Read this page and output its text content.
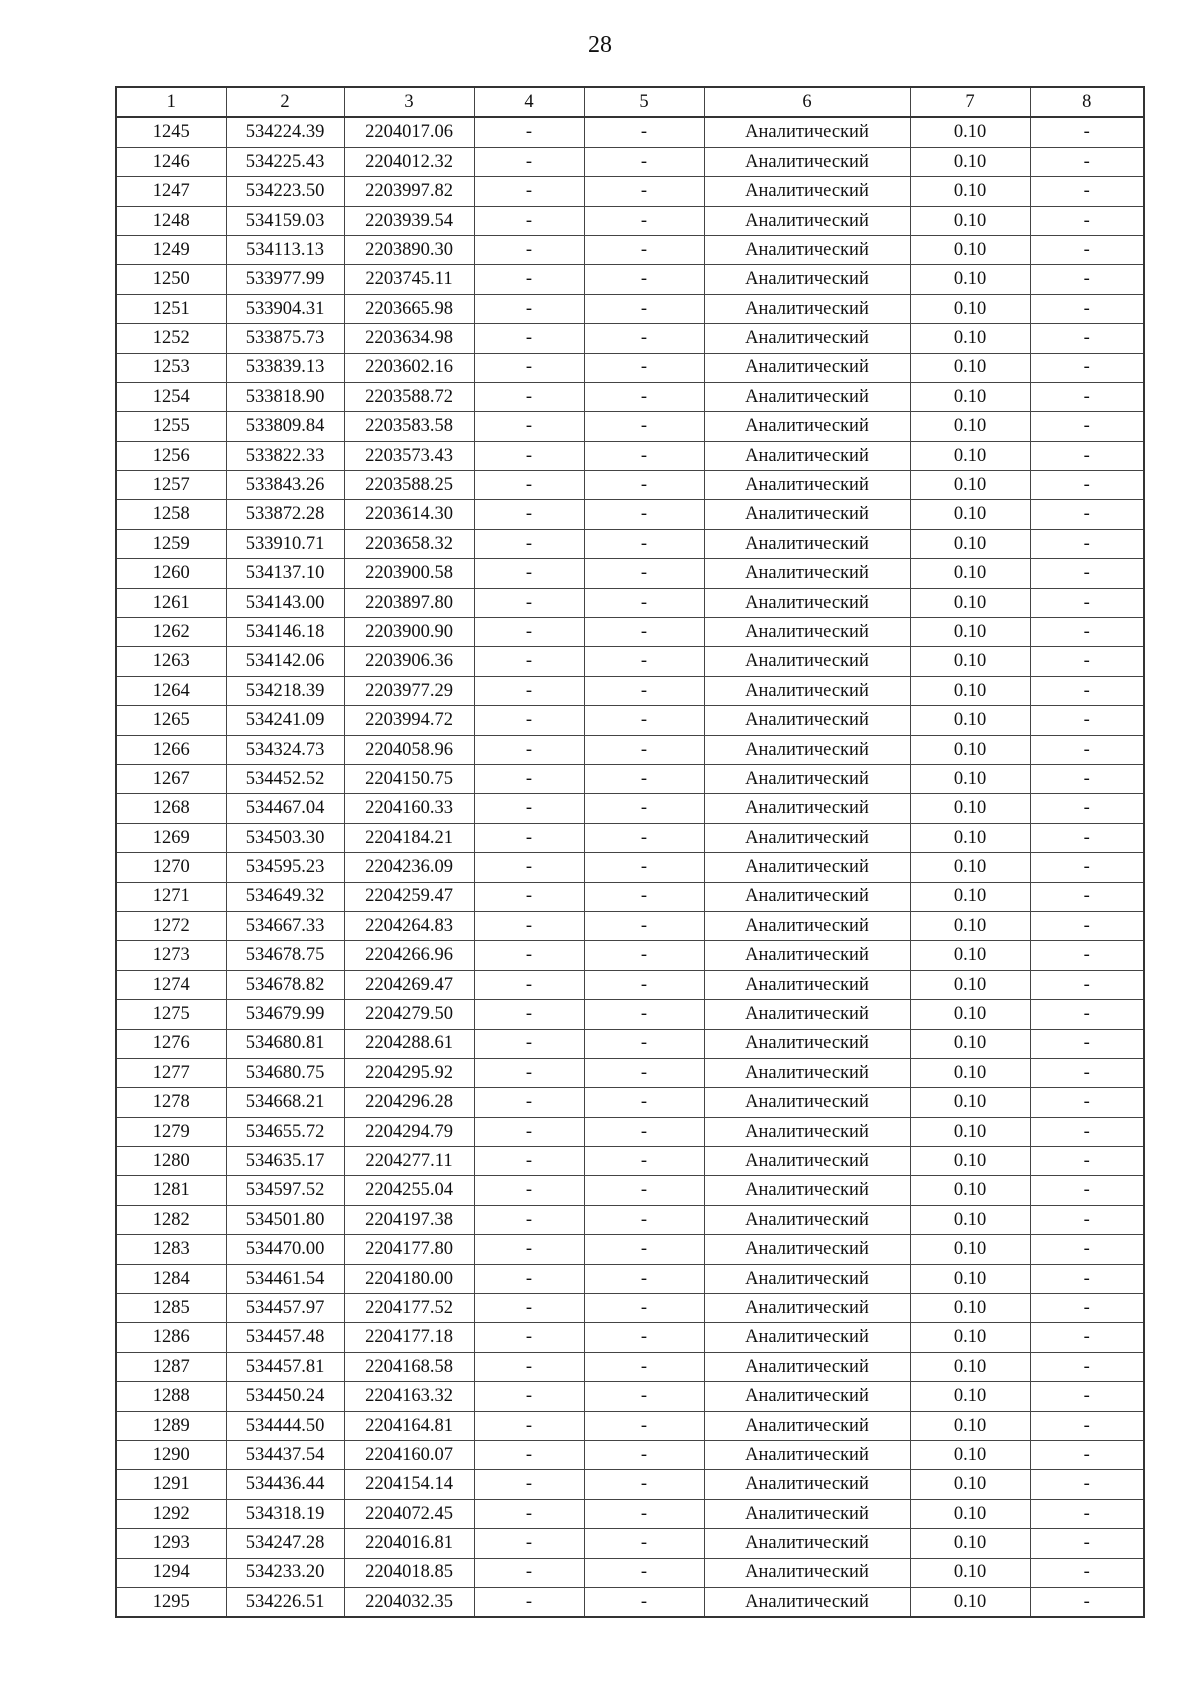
28
1	2	3	4	5	6	7	8
1245	534224.39	2204017.06	-	-	Аналитический	0.10	-
1246	534225.43	2204012.32	-	-	Аналитический	0.10	-
1247	534223.50	2203997.82	-	-	Аналитический	0.10	-
1248	534159.03	2203939.54	-	-	Аналитический	0.10	-
1249	534113.13	2203890.30	-	-	Аналитический	0.10	-
1250	533977.99	2203745.11	-	-	Аналитический	0.10	-
1251	533904.31	2203665.98	-	-	Аналитический	0.10	-
1252	533875.73	2203634.98	-	-	Аналитический	0.10	-
1253	533839.13	2203602.16	-	-	Аналитический	0.10	-
1254	533818.90	2203588.72	-	-	Аналитический	0.10	-
1255	533809.84	2203583.58	-	-	Аналитический	0.10	-
1256	533822.33	2203573.43	-	-	Аналитический	0.10	-
1257	533843.26	2203588.25	-	-	Аналитический	0.10	-
1258	533872.28	2203614.30	-	-	Аналитический	0.10	-
1259	533910.71	2203658.32	-	-	Аналитический	0.10	-
1260	534137.10	2203900.58	-	-	Аналитический	0.10	-
1261	534143.00	2203897.80	-	-	Аналитический	0.10	-
1262	534146.18	2203900.90	-	-	Аналитический	0.10	-
1263	534142.06	2203906.36	-	-	Аналитический	0.10	-
1264	534218.39	2203977.29	-	-	Аналитический	0.10	-
1265	534241.09	2203994.72	-	-	Аналитический	0.10	-
1266	534324.73	2204058.96	-	-	Аналитический	0.10	-
1267	534452.52	2204150.75	-	-	Аналитический	0.10	-
1268	534467.04	2204160.33	-	-	Аналитический	0.10	-
1269	534503.30	2204184.21	-	-	Аналитический	0.10	-
1270	534595.23	2204236.09	-	-	Аналитический	0.10	-
1271	534649.32	2204259.47	-	-	Аналитический	0.10	-
1272	534667.33	2204264.83	-	-	Аналитический	0.10	-
1273	534678.75	2204266.96	-	-	Аналитический	0.10	-
1274	534678.82	2204269.47	-	-	Аналитический	0.10	-
1275	534679.99	2204279.50	-	-	Аналитический	0.10	-
1276	534680.81	2204288.61	-	-	Аналитический	0.10	-
1277	534680.75	2204295.92	-	-	Аналитический	0.10	-
1278	534668.21	2204296.28	-	-	Аналитический	0.10	-
1279	534655.72	2204294.79	-	-	Аналитический	0.10	-
1280	534635.17	2204277.11	-	-	Аналитический	0.10	-
1281	534597.52	2204255.04	-	-	Аналитический	0.10	-
1282	534501.80	2204197.38	-	-	Аналитический	0.10	-
1283	534470.00	2204177.80	-	-	Аналитический	0.10	-
1284	534461.54	2204180.00	-	-	Аналитический	0.10	-
1285	534457.97	2204177.52	-	-	Аналитический	0.10	-
1286	534457.48	2204177.18	-	-	Аналитический	0.10	-
1287	534457.81	2204168.58	-	-	Аналитический	0.10	-
1288	534450.24	2204163.32	-	-	Аналитический	0.10	-
1289	534444.50	2204164.81	-	-	Аналитический	0.10	-
1290	534437.54	2204160.07	-	-	Аналитический	0.10	-
1291	534436.44	2204154.14	-	-	Аналитический	0.10	-
1292	534318.19	2204072.45	-	-	Аналитический	0.10	-
1293	534247.28	2204016.81	-	-	Аналитический	0.10	-
1294	534233.20	2204018.85	-	-	Аналитический	0.10	-
1295	534226.51	2204032.35	-	-	Аналитический	0.10	-
